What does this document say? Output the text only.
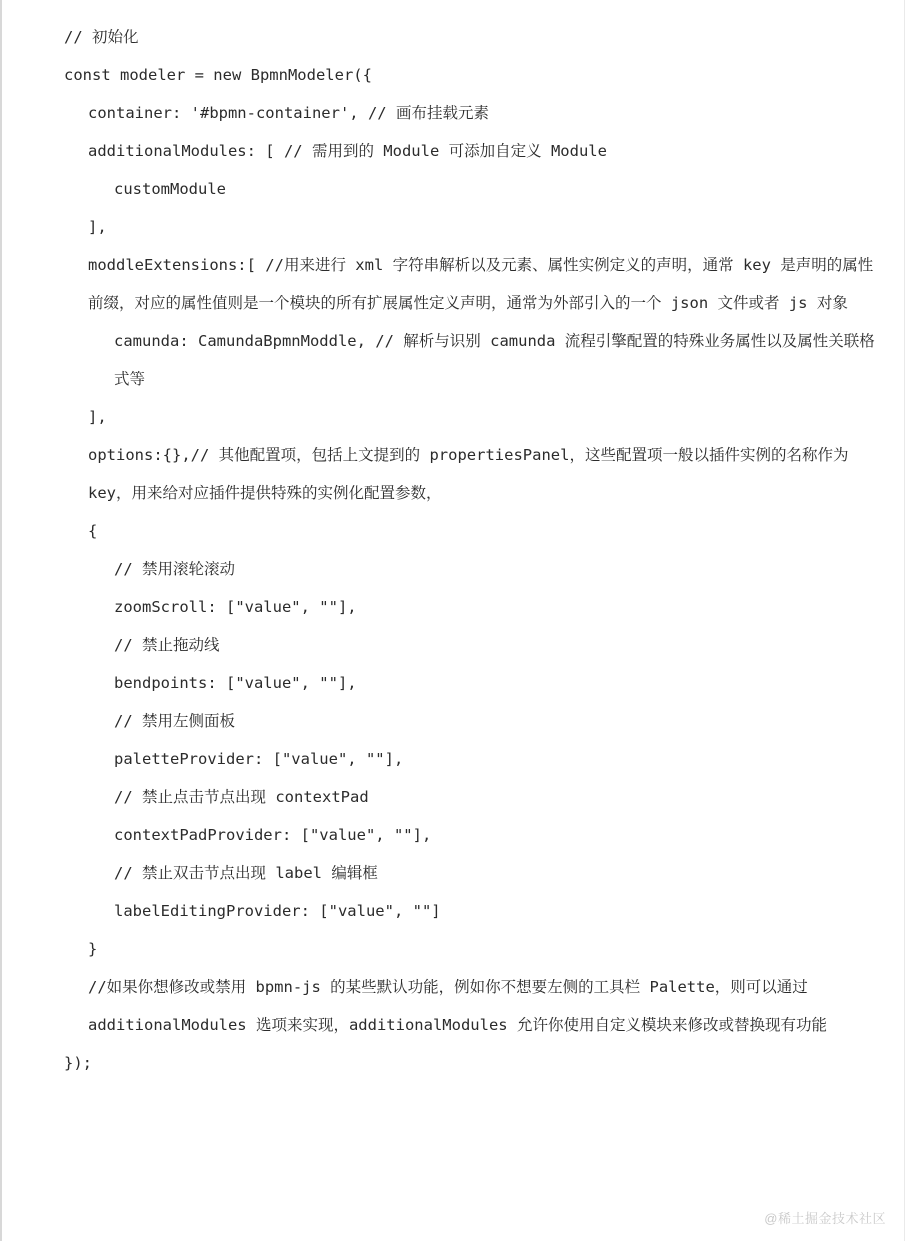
// 初始化
const modeler = new BpmnModeler({
container: '#bpmn-container', // 画布挂载元素
additionalModules: [ // 需用到的 Module 可添加自定义 Module
customModule
],
moddleExtensions:[ //用来进行 xml 字符串解析以及元素、属性实例定义的声明，通常 key 是声明的属性前缀，对应的属性值则是一个模块的所有扩展属性定义声明，通常为外部引入的一个 json 文件或者 js 对象
camunda: CamundaBpmnModdle, // 解析与识别 camunda 流程引擎配置的特殊业务属性以及属性关联格式等
],
options:{},// 其他配置项，包括上文提到的 propertiesPanel，这些配置项一般以插件实例的名称作为 key，用来给对应插件提供特殊的实例化配置参数，
{
// 禁用滚轮滚动
zoomScroll: ["value", ""],
// 禁止拖动线
bendpoints: ["value", ""],
// 禁用左侧面板
paletteProvider: ["value", ""],
// 禁止点击节点出现 contextPad
contextPadProvider: ["value", ""],
// 禁止双击节点出现 label 编辑框
labelEditingProvider: ["value", ""]
}
//如果你想修改或禁用 bpmn-js 的某些默认功能，例如你不想要左侧的工具栏 Palette，则可以通过 additionalModules 选项来实现，additionalModules 允许你使用自定义模块来修改或替换现有功能
});
@稀土掘金技术社区
